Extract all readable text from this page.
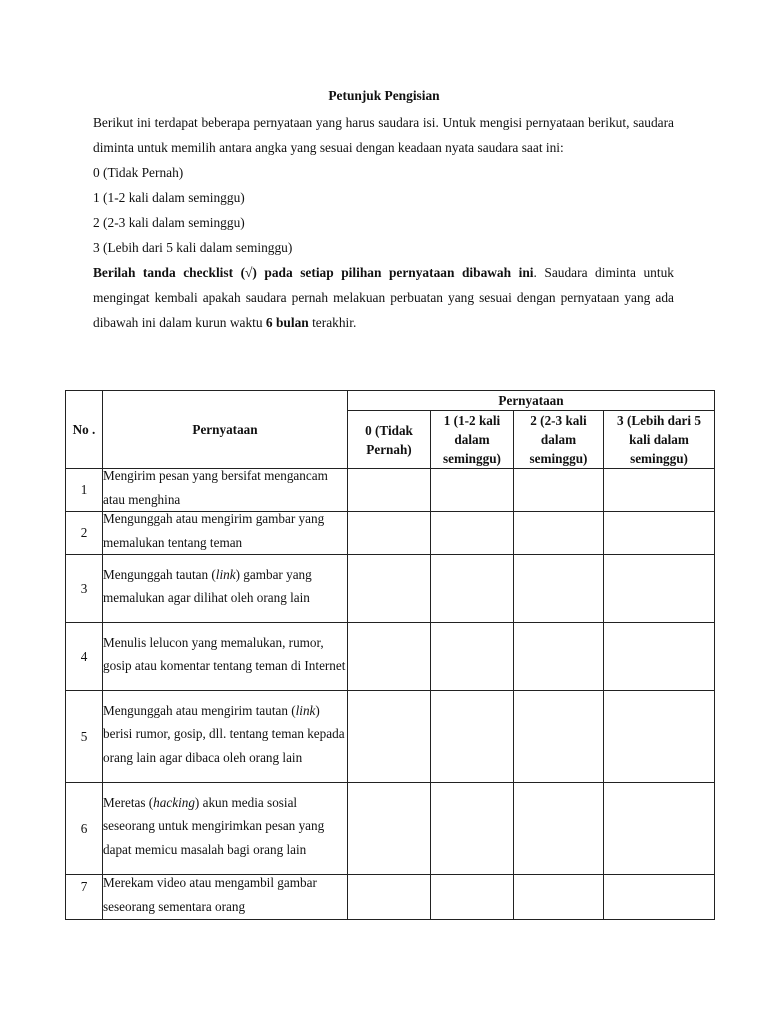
Petunjuk Pengisian

Berikut ini terdapat beberapa pernyataan yang harus saudara isi. Untuk mengisi pernyataan berikut, saudara diminta untuk memilih antara angka yang sesuai dengan keadaan nyata saudara saat ini:

0 (Tidak Pernah)

1 (1-2 kali dalam seminggu)

2 (2-3 kali dalam seminggu)

3 (Lebih dari 5 kali dalam seminggu)

Berilah tanda checklist (√) pada setiap pilihan pernyataan dibawah ini. Saudara diminta untuk mengingat kembali apakah saudara pernah melakuan perbuatan yang sesuai dengan pernyataan yang ada dibawah ini dalam kurun waktu 6 bulan terakhir.

No .	Pernyataan	Pernyataan			
		0 (Tidak Pernah)	1 (1-2 kali dalam seminggu)	2 (2-3 kali dalam seminggu)	3 (Lebih dari 5 kali dalam seminggu)
1	Mengirim pesan yang bersifat mengancam atau menghina				

2	Mengunggah atau mengirim gambar yang memalukan tentang teman				

3	Mengunggah tautan (link) gambar yang memalukan agar dilihat oleh orang lain				

4	Menulis lelucon yang memalukan, rumor, gosip atau komentar tentang teman di Internet				

5	Mengunggah atau mengirim tautan (link) berisi rumor, gosip, dll. tentang teman kepada orang lain agar dibaca oleh orang lain				

6	Meretas (hacking) akun media sosial seseorang untuk mengirimkan pesan yang dapat memicu masalah bagi orang lain				

7	Merekam video atau mengambil gambar seseorang sementara orang				
